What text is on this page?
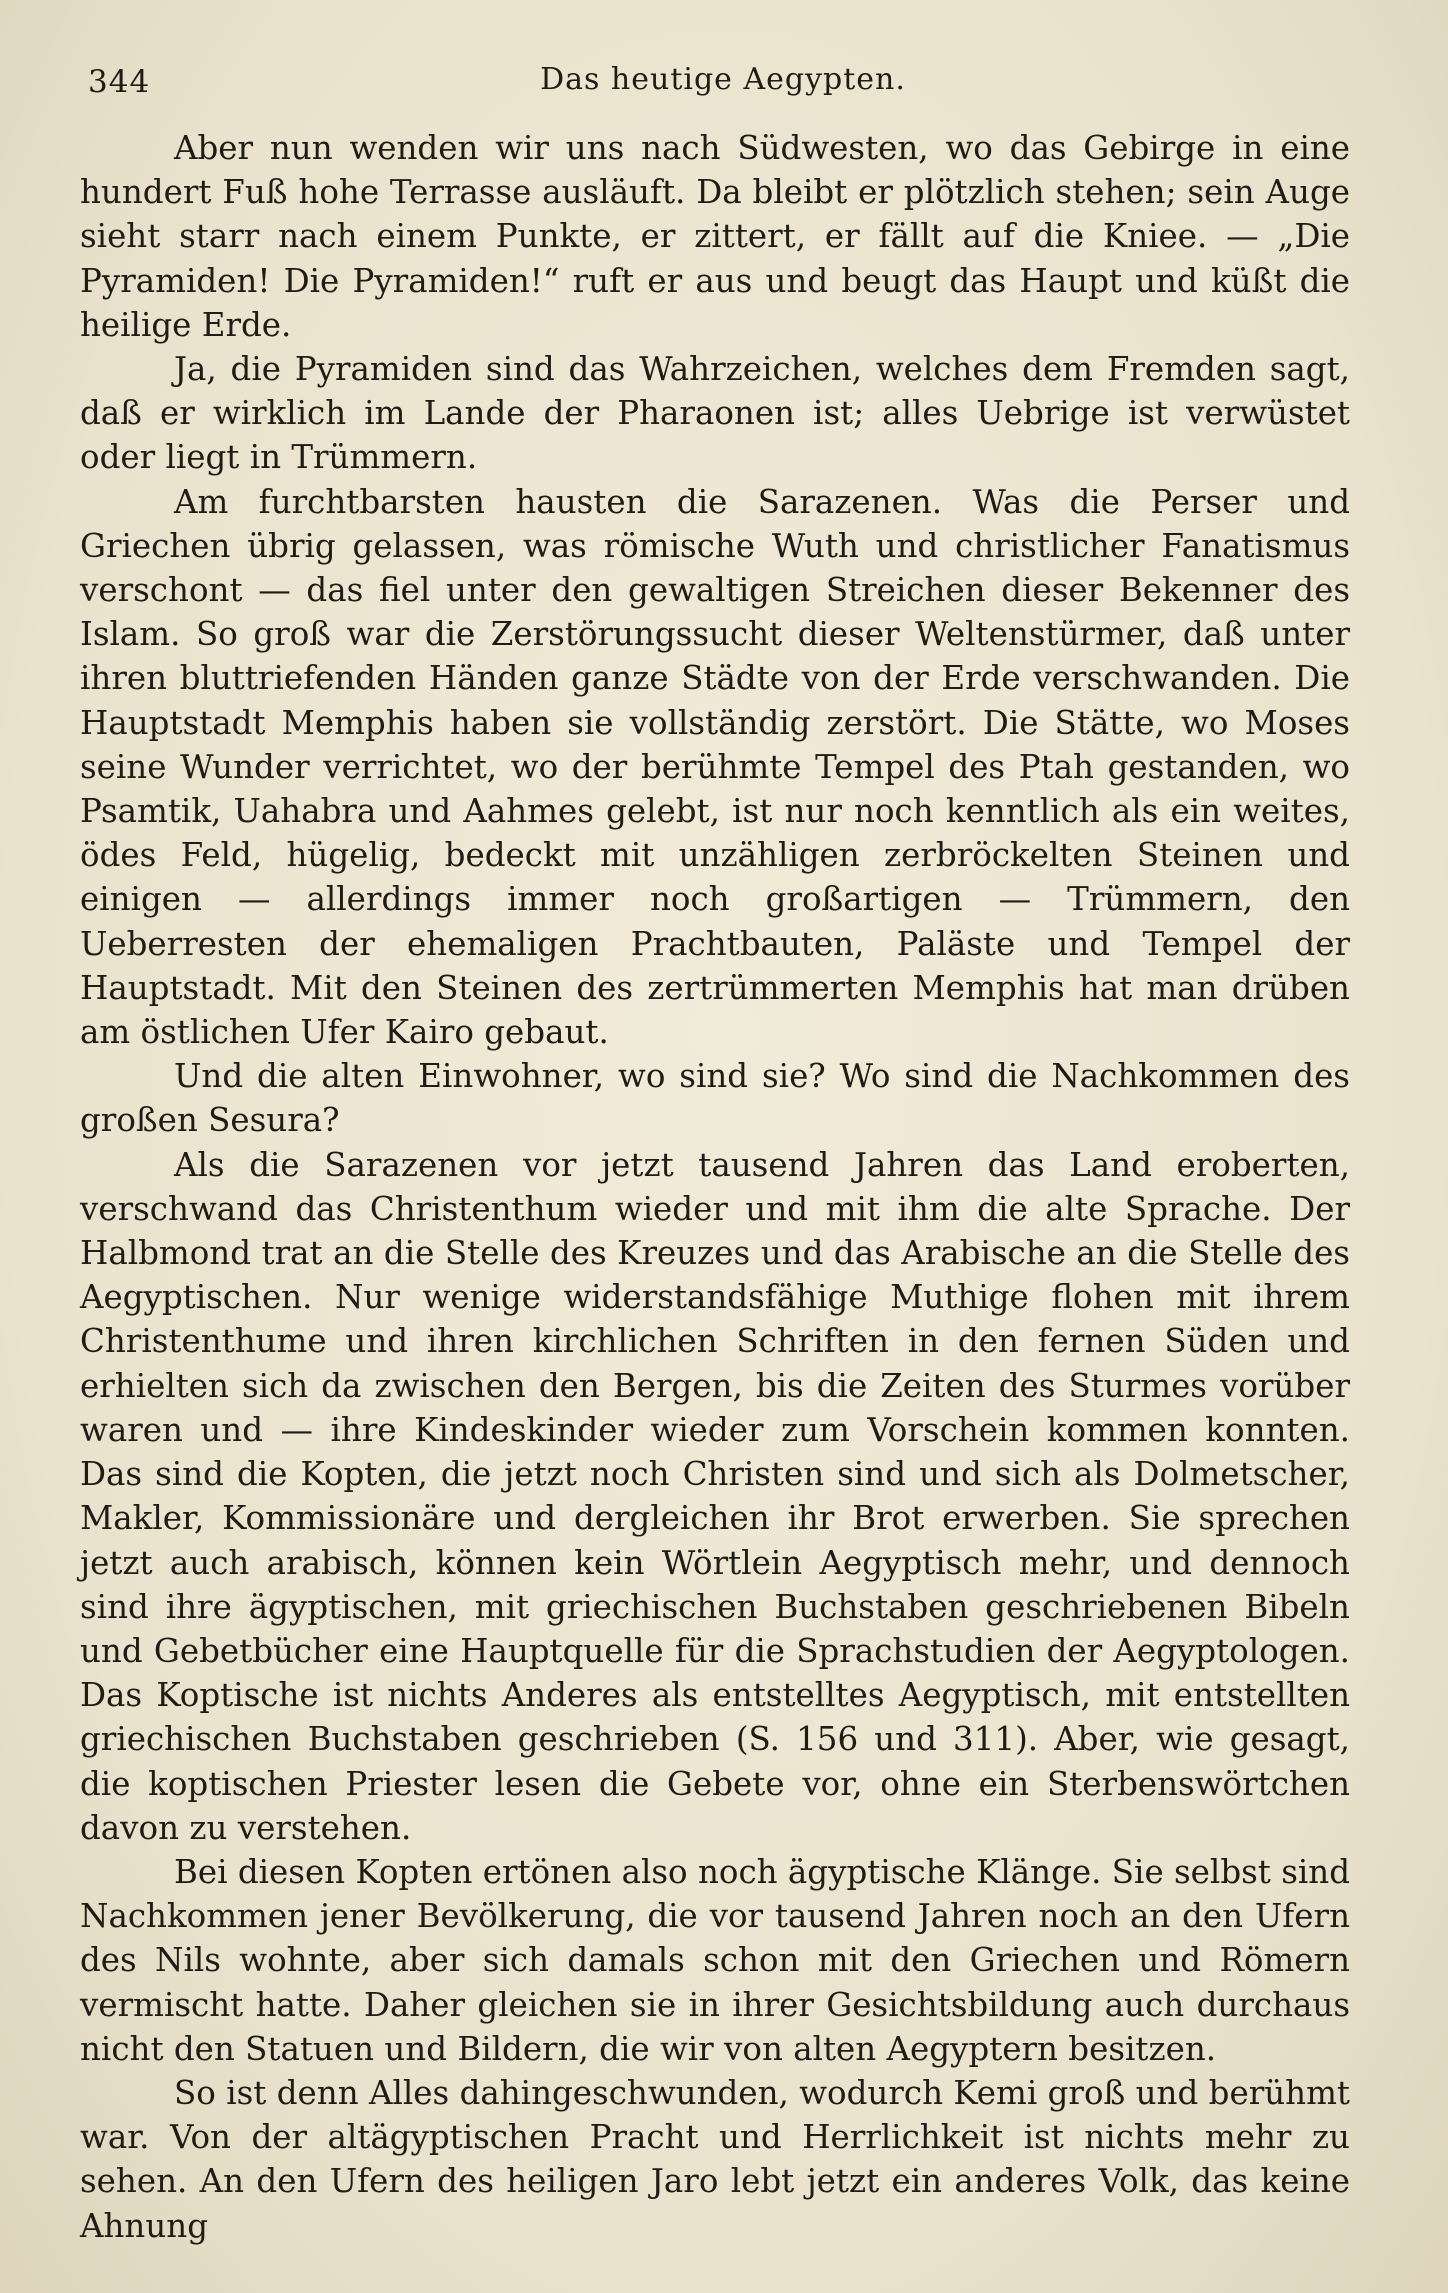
344	Das heutige Aegypten.

Aber nun wenden wir uns nach Südwesten, wo das Gebirge in eine hundert Fuß hohe Terrasse ausläuft. Da bleibt er plötzlich stehen; sein Auge sieht starr nach einem Punkte, er zittert, er fällt auf die Kniee. — „Die Pyramiden! Die Pyramiden!“ ruft er aus und beugt das Haupt und küßt die heilige Erde.

Ja, die Pyramiden sind das Wahrzeichen, welches dem Fremden sagt, daß er wirklich im Lande der Pharaonen ist; alles Uebrige ist verwüstet oder liegt in Trümmern.

Am furchtbarsten hausten die Sarazenen. Was die Perser und Griechen übrig gelassen, was römische Wuth und christlicher Fanatismus verschont — das fiel unter den gewaltigen Streichen dieser Bekenner des Islam. So groß war die Zerstörungssucht dieser Weltenstürmer, daß unter ihren bluttriefenden Händen ganze Städte von der Erde verschwanden. Die Hauptstadt Memphis haben sie vollständig zerstört. Die Stätte, wo Moses seine Wunder verrichtet, wo der berühmte Tempel des Ptah gestanden, wo Psamtik, Uahabra und Aahmes gelebt, ist nur noch kenntlich als ein weites, ödes Feld, hügelig, bedeckt mit unzähligen zerbröckelten Steinen und einigen — allerdings immer noch großartigen — Trümmern, den Ueberresten der ehemaligen Prachtbauten, Paläste und Tempel der Hauptstadt. Mit den Steinen des zertrümmerten Memphis hat man drüben am östlichen Ufer Kairo gebaut.

Und die alten Einwohner, wo sind sie? Wo sind die Nachkommen des großen Sesurа?

Als die Sarazenen vor jetzt tausend Jahren das Land eroberten, verschwand das Christenthum wieder und mit ihm die alte Sprache. Der Halbmond trat an die Stelle des Kreuzes und das Arabische an die Stelle des Aegyptischen. Nur wenige widerstandsfähige Muthige flohen mit ihrem Christenthume und ihren kirchlichen Schriften in den fernen Süden und erhielten sich da zwischen den Bergen, bis die Zeiten des Sturmes vorüber waren und — ihre Kindeskinder wieder zum Vorschein kommen konnten. Das sind die Kopten, die jetzt noch Christen sind und sich als Dolmetscher, Makler, Kommissionäre und dergleichen ihr Brot erwerben. Sie sprechen jetzt auch arabisch, können kein Wörtlein Aegyptisch mehr, und dennoch sind ihre ägyptischen, mit griechischen Buchstaben geschriebenen Bibeln und Gebetbücher eine Hauptquelle für die Sprachstudien der Aegyptologen. Das Koptische ist nichts Anderes als entstelltes Aegyptisch, mit entstellten griechischen Buchstaben geschrieben (S. 156 und 311). Aber, wie gesagt, die koptischen Priester lesen die Gebete vor, ohne ein Sterbenswörtchen davon zu verstehen.

Bei diesen Kopten ertönen also noch ägyptische Klänge. Sie selbst sind Nachkommen jener Bevölkerung, die vor tausend Jahren noch an den Ufern des Nils wohnte, aber sich damals schon mit den Griechen und Römern vermischt hatte. Daher gleichen sie in ihrer Gesichtsbildung auch durchaus nicht den Statuen und Bildern, die wir von alten Aegyptern besitzen.

So ist denn Alles dahingeschwunden, wodurch Kemi groß und berühmt war. Von der altägyptischen Pracht und Herrlichkeit ist nichts mehr zu sehen. An den Ufern des heiligen Jaro lebt jetzt ein anderes Volk, das keine Ahnung
